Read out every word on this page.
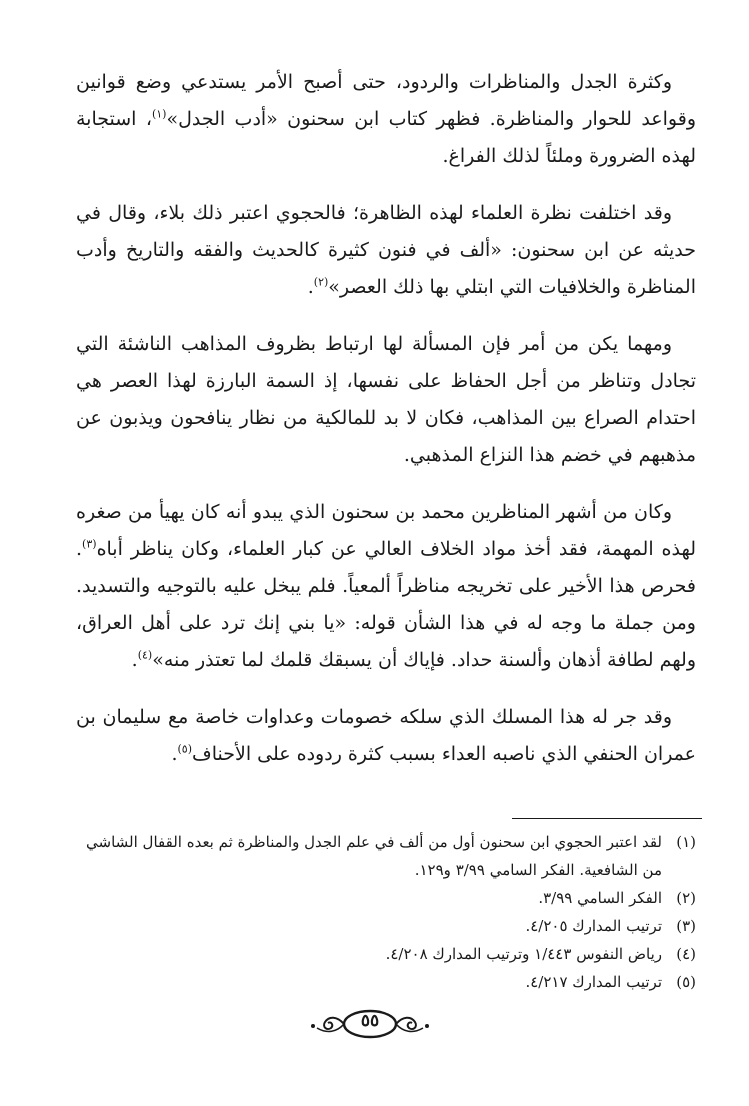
وكثرة الجدل والمناظرات والردود، حتى أصبح الأمر يستدعي وضع قوانين وقواعد للحوار والمناظرة. فظهر كتاب ابن سحنون «أدب الجدل»$^{(١)}$، استجابة لهذه الضرورة وملئاً لذلك الفراغ.
وقد اختلفت نظرة العلماء لهذه الظاهرة؛ فالحجوي اعتبر ذلك بلاء، وقال في حديثه عن ابن سحنون: «ألف في فنون كثيرة كالحديث والفقه والتاريخ وأدب المناظرة والخلافيات التي ابتلي بها ذلك العصر»$^{(٢)}$.
ومهما يكن من أمر فإن المسألة لها ارتباط بظروف المذاهب الناشئة التي تجادل وتناظر من أجل الحفاظ على نفسها، إذ السمة البارزة لهذا العصر هي احتدام الصراع بين المذاهب، فكان لا بد للمالكية من نظار ينافحون ويذبون عن مذهبهم في خضم هذا النزاع المذهبي.
وكان من أشهر المناظرين محمد بن سحنون الذي يبدو أنه كان يهيأ من صغره لهذه المهمة، فقد أخذ مواد الخلاف العالي عن كبار العلماء، وكان يناظر أباه$^{(٣)}$. فحرص هذا الأخير على تخريجه مناظراً ألمعياً. فلم يبخل عليه بالتوجيه والتسديد. ومن جملة ما وجه له في هذا الشأن قوله: «يا بني إنك ترد على أهل العراق، ولهم لطافة أذهان وألسنة حداد. فإياك أن يسبقك قلمك لما تعتذر منه»$^{(٤)}$.
وقد جر له هذا المسلك الذي سلكه خصومات وعداوات خاصة مع سليمان بن عمران الحنفي الذي ناصبه العداء بسبب كثرة ردوده على الأحناف$^{(٥)}$.
(١)
لقد اعتبر الحجوي ابن سحنون أول من ألف في علم الجدل والمناظرة ثم بعده القفال الشاشي من الشافعية. الفكر السامي ٣/٩٩ و١٢٩.
(٢)
الفكر السامي ٣/٩٩.
(٣)
ترتيب المدارك ٤/٢٠٥.
(٤)
رياض النفوس ١/٤٤٣ وترتيب المدارك ٤/٢٠٨.
(٥)
ترتيب المدارك ٤/٢١٧.
٥٥
